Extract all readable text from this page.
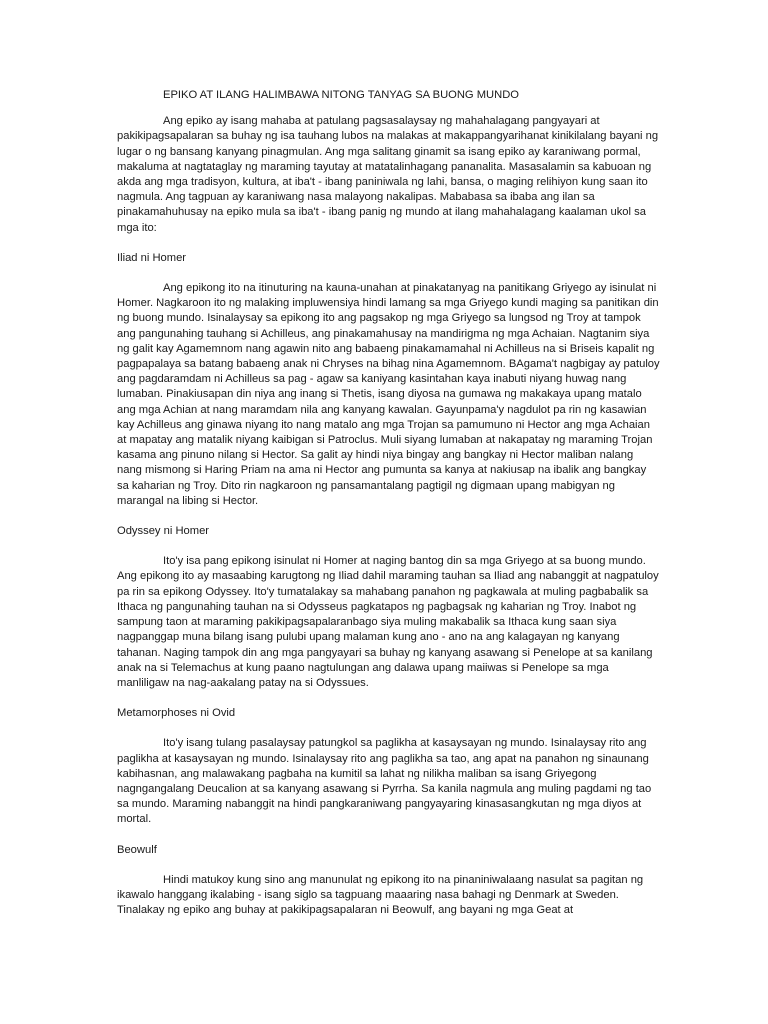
EPIKO AT ILANG HALIMBAWA NITONG TANYAG SA BUONG MUNDO

Ang epiko ay isang mahaba at patulang pagsasalaysay ng mahahalagang pangyayari at pakikipagsapalaran sa buhay ng isa tauhang lubos na malakas at makappangyarihanat kinikilalang bayani ng lugar o ng bansang kanyang pinagmulan. Ang mga salitang ginamit sa isang epiko ay karaniwang pormal, makaluma at nagtataglay ng maraming tayutay at matatalinhagang pananalita. Masasalamin sa kabuoan ng akda ang mga tradisyon, kultura, at iba't - ibang paniniwala ng lahi, bansa, o maging relihiyon kung saan ito nagmula. Ang tagpuan ay karaniwang nasa malayong nakalipas. Mababasa sa ibaba ang ilan sa pinakamahuhusay na epiko mula sa iba't - ibang panig ng mundo at ilang mahahalagang kaalaman ukol sa mga ito:

Iliad ni Homer

Ang epikong ito na itinuturing na kauna-unahan at pinakatanyag na panitikang Griyego ay isinulat ni Homer. Nagkaroon ito ng malaking impluwensiya hindi lamang sa mga Griyego kundi maging sa panitikan din ng buong mundo. Isinalaysay sa epikong ito ang pagsakop ng mga Griyego sa lungsod ng Troy at tampok ang pangunahing tauhang si Achilleus, ang pinakamahusay na mandirigma ng mga Achaian. Nagtanim siya ng galit kay Agamemnom nang agawin nito ang babaeng pinakamamahal ni Achilleus na si Briseis kapalit ng pagpapalaya sa batang babaeng anak ni Chryses na bihag nina Agamemnom. BAgama't nagbigay ay patuloy ang pagdaramdam ni Achilleus sa pag - agaw sa kaniyang kasintahan kaya inabuti niyang huwag nang lumaban. Pinakiusapan din niya ang inang si Thetis, isang diyosa na gumawa ng makakaya upang matalo ang mga Achian at nang maramdam nila ang kanyang kawalan. Gayunpama'y nagdulot pa rin ng kasawian kay Achilleus ang ginawa niyang ito nang matalo ang mga Trojan sa pamumuno ni Hector ang mga Achaian at mapatay ang matalik niyang kaibigan si Patroclus. Muli siyang lumaban at nakapatay ng maraming Trojan kasama ang pinuno nilang si Hector. Sa galit ay hindi niya bingay ang bangkay ni Hector maliban nalang nang mismong si Haring Priam na ama ni Hector ang pumunta sa kanya at nakiusap na ibalik ang bangkay sa kaharian ng Troy. Dito rin nagkaroon ng pansamantalang pagtigil ng digmaan upang mabigyan ng marangal na libing si Hector.

Odyssey ni Homer

Ito'y isa pang epikong isinulat ni Homer at naging bantog din sa mga Griyego at sa buong mundo. Ang epikong ito ay masaabing karugtong ng Iliad dahil maraming tauhan sa Iliad ang nabanggit at nagpatuloy pa rin sa epikong Odyssey. Ito'y tumatalakay sa mahabang panahon ng pagkawala at muling pagbabalik sa Ithaca ng pangunahing tauhan na si Odysseus pagkatapos ng pagbagsak ng kaharian ng Troy. Inabot ng sampung taon at maraming pakikipagsapalaranbago siya muling makabalik sa Ithaca kung saan siya nagpanggap muna bilang isang pulubi upang malaman kung ano - ano na ang kalagayan ng kanyang tahanan. Naging tampok din ang mga pangyayari sa buhay ng kanyang asawang si Penelope at sa kanilang anak na si Telemachus at kung paano nagtulungan ang dalawa upang maiiwas si Penelope sa mga manliligaw na nag-aakalang patay na si Odyssues.

Metamorphoses ni Ovid

Ito'y isang tulang pasalaysay patungkol sa paglikha at kasaysayan ng mundo. Isinalaysay rito ang paglikha at kasaysayan ng mundo. Isinalaysay rito ang paglikha sa tao, ang apat na panahon ng sinaunang kabihasnan, ang malawakang pagbaha na kumitil sa lahat ng nilikha maliban sa isang Griyegong nagngangalang Deucalion at sa kanyang asawang si Pyrrha. Sa kanila nagmula ang muling pagdami ng tao sa mundo. Maraming nabanggit na hindi pangkaraniwang pangyayaring kinasasangkutan ng mga diyos at mortal.

Beowulf

Hindi matukoy kung sino ang manunulat ng epikong ito na pinaniniwalaang nasulat sa pagitan ng ikawalo hanggang ikalabing - isang siglo sa tagpuang maaaring nasa bahagi ng Denmark at Sweden. Tinalakay ng epiko ang buhay at pakikipagsapalaran ni Beowulf, ang bayani ng mga Geat at
